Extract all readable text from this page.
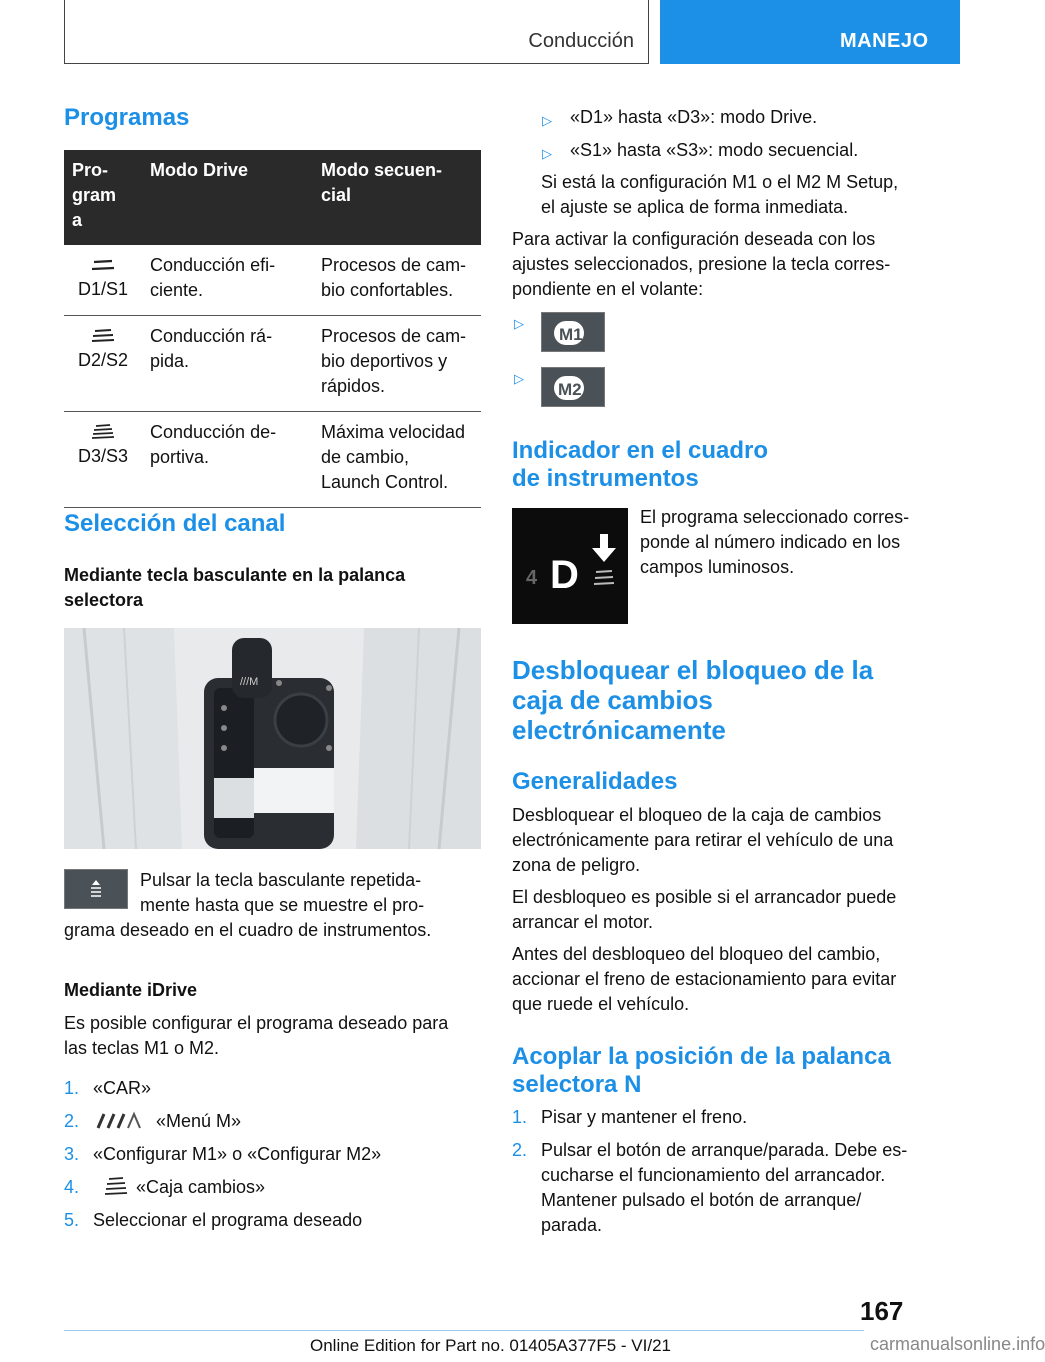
Conducción	MANEJO
Programas
Pro-
gram
a	Modo Drive	Modo secuen-
cial

D1/S1	Conducción efi-
ciente.	Procesos de cam-
bio confortables.

D2/S2	Conducción rá-
pida.	Procesos de cam-
bio deportivos y
rápidos.

D3/S3	Conducción de-
portiva.	Máxima velocidad
de cambio,
Launch Control.
Selección del canal
Mediante tecla basculante en la palanca
selectora
///M
Pulsar la tecla basculante repetida-
mente hasta que se muestre el pro-
grama deseado en el cuadro de instrumentos.
Mediante iDrive
Es posible configurar el programa deseado para
las teclas M1 o M2.
1. «CAR»
2.	«Menú M»
3. «Configurar M1» o «Configurar M2»
4.	«Caja cambios»
5. Seleccionar el programa deseado
▷ «D1» hasta «D3»: modo Drive.
▷ «S1» hasta «S3»: modo secuencial.
Si está la configuración M1 o el M2 M Setup,
el ajuste se aplica de forma inmediata.
Para activar la configuración deseada con los
ajustes seleccionados, presione la tecla corres-
pondiente en el volante:
▷
M1
▷
M2
Indicador en el cuadro
de instrumentos
4 D
El programa seleccionado corres-
ponde al número indicado en los
campos luminosos.
Desbloquear el bloqueo de la
caja de cambios
electrónicamente
Generalidades
Desbloquear el bloqueo de la caja de cambios
electrónicamente para retirar el vehículo de una
zona de peligro.
El desbloqueo es posible si el arrancador puede
arrancar el motor.
Antes del desbloqueo del bloqueo del cambio,
accionar el freno de estacionamiento para evitar
que ruede el vehículo.
Acoplar la posición de la palanca
selectora N
1. Pisar y mantener el freno.
2. Pulsar el botón de arranque/parada. Debe es-
cucharse el funcionamiento del arrancador.
Mantener pulsado el botón de arranque/
parada.
167
Online Edition for Part no. 01405A377F5 - VI/21	carmanualsonline.info
